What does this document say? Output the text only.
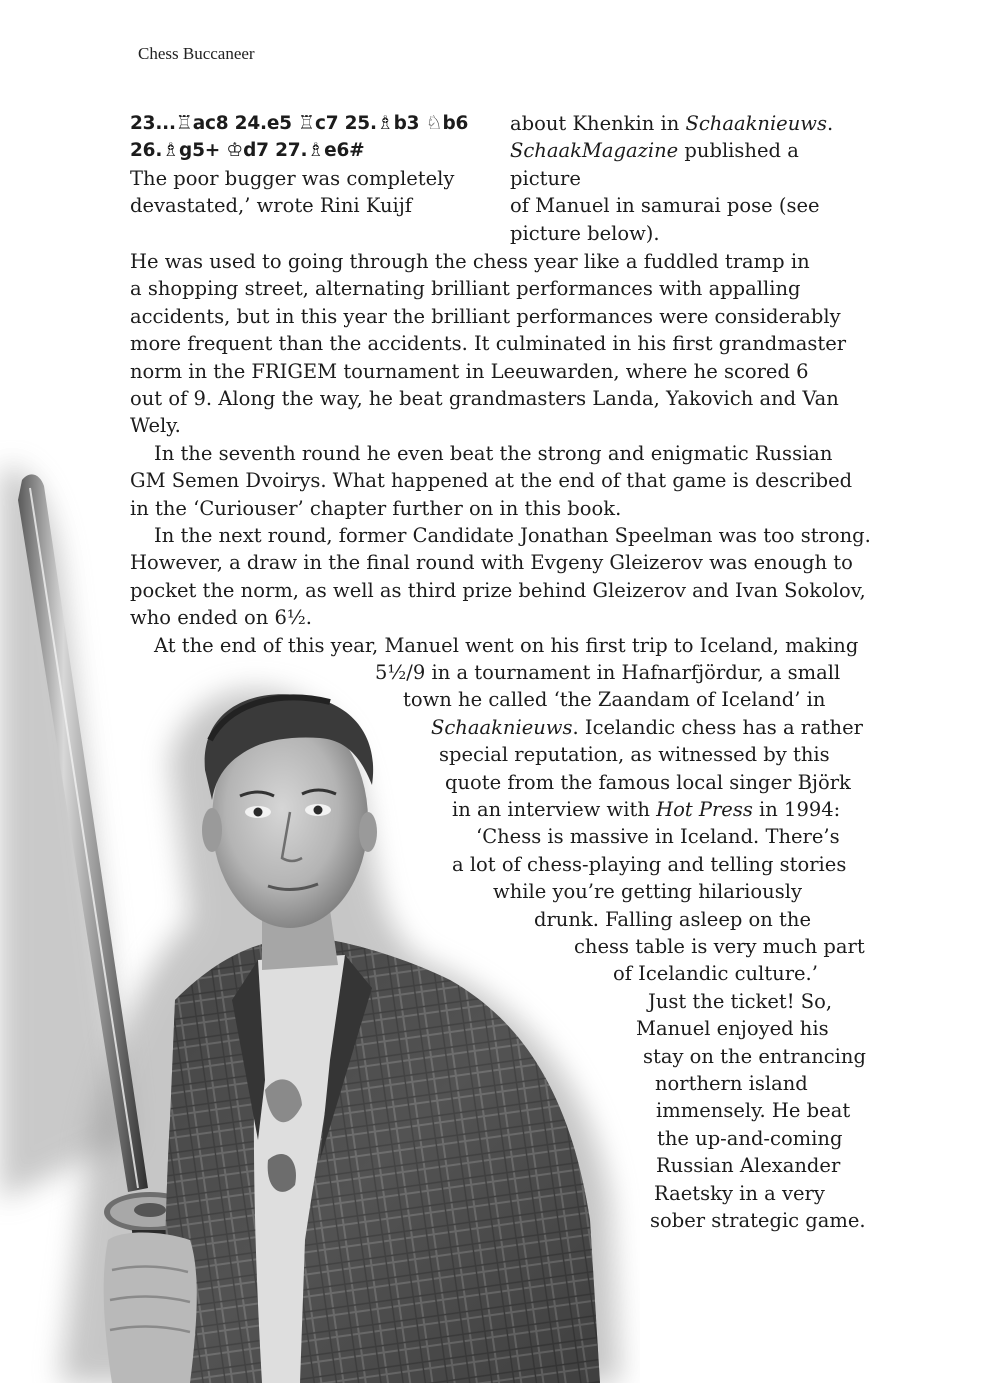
Chess Buccaneer
23...♖ac8 24.e5 ♖c7 25.♗b3 ♘b6
26.♗g5+ ♔d7 27.♗e6#
The poor bugger was completely
devastated,’ wrote Rini Kuijf
about Khenkin in Schaaknieuws.
SchaakMagazine published a picture
of Manuel in samurai pose (see
picture below).
He was used to going through the chess year like a fuddled tramp in
a shopping street, alternating brilliant performances with appalling
accidents, but in this year the brilliant performances were considerably
more frequent than the accidents. It culminated in his first grandmaster
norm in the FRIGEM tournament in Leeuwarden, where he scored 6
out of 9. Along the way, he beat grandmasters Landa, Yakovich and Van
Wely.
In the seventh round he even beat the strong and enigmatic Russian
GM Semen Dvoirys. What happened at the end of that game is described
in the ‘Curiouser’ chapter further on in this book.
In the next round, former Candidate Jonathan Speelman was too strong.
However, a draw in the final round with Evgeny Gleizerov was enough to
pocket the norm, as well as third prize behind Gleizerov and Ivan Sokolov,
who ended on 6½.
At the end of this year, Manuel went on his first trip to Iceland, making
5½/9 in a tournament in Hafnarfjördur, a small
town he called ‘the Zaandam of Iceland’ in
Schaaknieuws. Icelandic chess has a rather
special reputation, as witnessed by this
quote from the famous local singer Björk
in an interview with Hot Press in 1994:
‘Chess is massive in Iceland. There’s
a lot of chess-playing and telling stories
while you’re getting hilariously
drunk. Falling asleep on the
chess table is very much part
of Icelandic culture.’
Just the ticket! So,
Manuel enjoyed his
stay on the entrancing
northern island
immensely. He beat
the up-and-coming
Russian Alexander
Raetsky in a very
sober strategic game.
